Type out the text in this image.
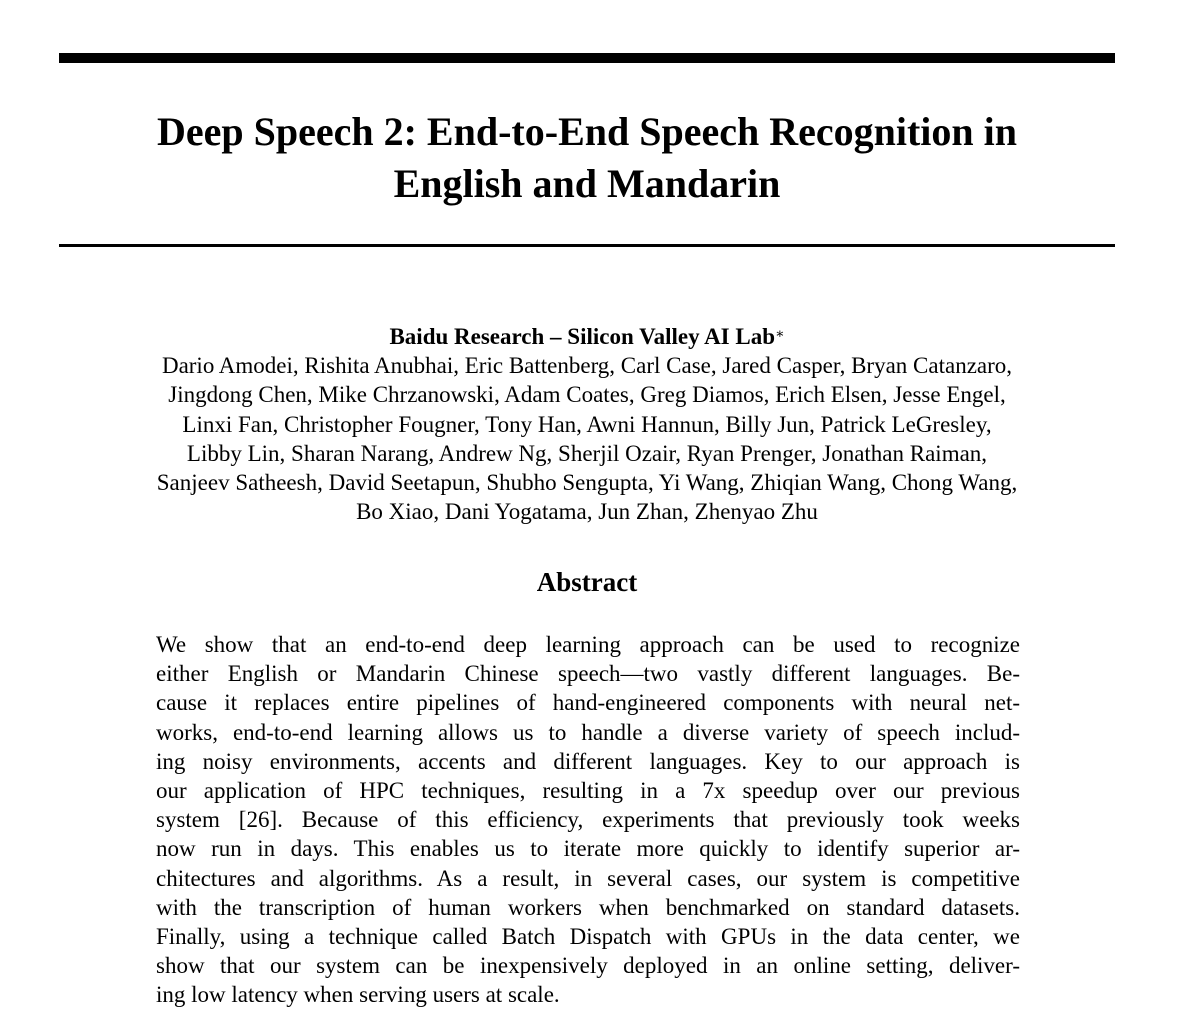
Deep Speech 2: End-to-End Speech Recognition in
English and Mandarin
Baidu Research – Silicon Valley AI Lab∗
Dario Amodei, Rishita Anubhai, Eric Battenberg, Carl Case, Jared Casper, Bryan Catanzaro,
Jingdong Chen, Mike Chrzanowski, Adam Coates, Greg Diamos, Erich Elsen, Jesse Engel,
Linxi Fan, Christopher Fougner, Tony Han, Awni Hannun, Billy Jun, Patrick LeGresley,
Libby Lin, Sharan Narang, Andrew Ng, Sherjil Ozair, Ryan Prenger, Jonathan Raiman,
Sanjeev Satheesh, David Seetapun, Shubho Sengupta, Yi Wang, Zhiqian Wang, Chong Wang,
Bo Xiao, Dani Yogatama, Jun Zhan, Zhenyao Zhu
Abstract
We show that an end-to-end deep learning approach can be used to recognize
either English or Mandarin Chinese speech—two vastly different languages. Be-
cause it replaces entire pipelines of hand-engineered components with neural net-
works, end-to-end learning allows us to handle a diverse variety of speech includ-
ing noisy environments, accents and different languages. Key to our approach is
our application of HPC techniques, resulting in a 7x speedup over our previous
system [26]. Because of this efficiency, experiments that previously took weeks
now run in days. This enables us to iterate more quickly to identify superior ar-
chitectures and algorithms. As a result, in several cases, our system is competitive
with the transcription of human workers when benchmarked on standard datasets.
Finally, using a technique called Batch Dispatch with GPUs in the data center, we
show that our system can be inexpensively deployed in an online setting, deliver-
ing low latency when serving users at scale.
